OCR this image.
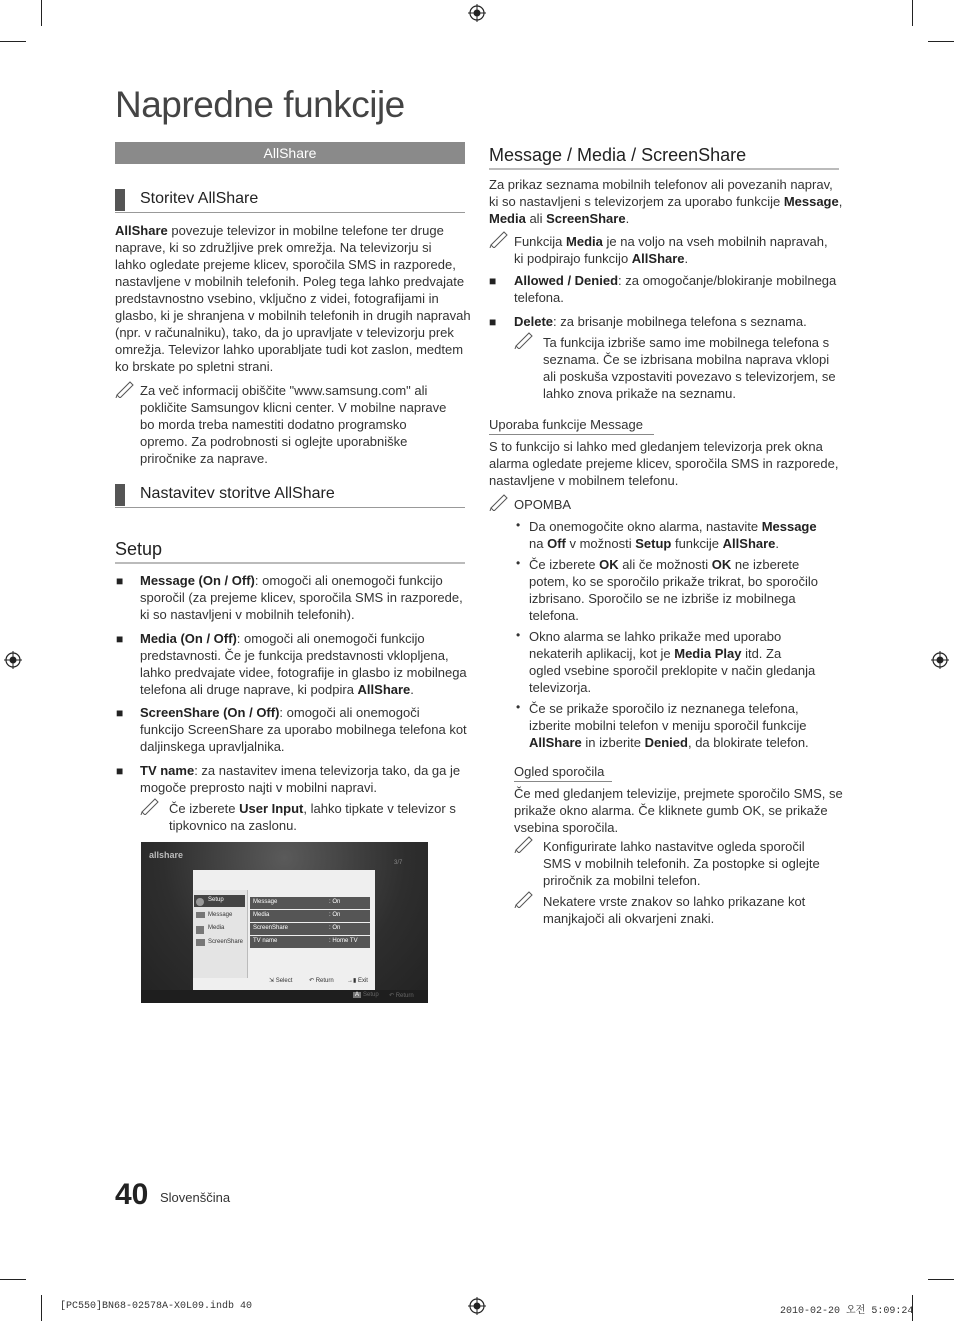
Napredne funkcije
AllShare
Storitev AllShare
AllShare povezuje televizor in mobilne telefone ter druge
naprave, ki so združljive prek omrežja. Na televizorju si
lahko ogledate prejeme klicev, sporočila SMS in razporede,
nastavljene v mobilnih telefonih. Poleg tega lahko predvajate
predstavnostno vsebino, vključno z videi, fotografijami in
glasbo, ki je shranjena v mobilnih telefonih in drugih napravah
(npr. v računalniku), tako, da jo upravljate v televizorju prek
omrežja. Televizor lahko uporabljate tudi kot zaslon, medtem
ko brskate po spletni strani.
Za več informacij obiščite "www.samsung.com" ali
pokličite Samsungov klicni center. V mobilne naprave
bo morda treba namestiti dodatno programsko
opremo. Za podrobnosti si oglejte uporabniške
priročnike za naprave.
Nastavitev storitve AllShare
Setup
■ Message (On / Off): omogoči ali onemogoči funkcijo
sporočil (za prejeme klicev, sporočila SMS in razporede,
ki so nastavljeni v mobilnih telefonih).
■ Media (On / Off): omogoči ali onemogoči funkcijo
predstavnosti. Če je funkcija predstavnosti vklopljena,
lahko predvajate videe, fotografije in glasbo iz mobilnega
telefona ali druge naprave, ki podpira AllShare.
■ ScreenShare (On / Off): omogoči ali onemogoči
funkcijo ScreenShare za uporabo mobilnega telefona kot
daljinskega upravljalnika.
■ TV name: za nastavitev imena televizorja tako, da ga je
mogoče preprosto najti v mobilni napravi.
Če izberete User Input, lahko tipkate v televizor s
tipkovnico na zaslonu.
allshare
3/7
Setup
Message
Media
ScreenShare
Message	: On
Media	: On
ScreenShare	: On
TV name	: Home TV
⇲ Select	↶ Return →▮ Exit
A Setup ↶ Return
Message / Media / ScreenShare
Za prikaz seznama mobilnih telefonov ali povezanih naprav,
ki so nastavljeni s televizorjem za uporabo funkcije Message,
Media ali ScreenShare.
Funkcija Media je na voljo na vseh mobilnih napravah,
ki podpirajo funkcijo AllShare.
■ Allowed / Denied: za omogočanje/blokiranje mobilnega
telefona.
■ Delete: za brisanje mobilnega telefona s seznama.
Ta funkcija izbriše samo ime mobilnega telefona s
seznama. Če se izbrisana mobilna naprava vklopi
ali poskuša vzpostaviti povezavo s televizorjem, se
lahko znova prikaže na seznamu.
Uporaba funkcije Message
S to funkcijo si lahko med gledanjem televizorja prek okna
alarma ogledate prejeme klicev, sporočila SMS in razporede,
nastavljene v mobilnem telefonu.
OPOMBA
• Da onemogočite okno alarma, nastavite Message
na Off v možnosti Setup funkcije AllShare.
• Če izberete OK ali če možnosti OK ne izberete
potem, ko se sporočilo prikaže trikrat, bo sporočilo
izbrisano. Sporočilo se ne izbriše iz mobilnega
telefona.
• Okno alarma se lahko prikaže med uporabo
nekaterih aplikacij, kot je Media Play itd. Za
ogled vsebine sporočil preklopite v način gledanja
televizorja.
• Če se prikaže sporočilo iz neznanega telefona,
izberite mobilni telefon v meniju sporočil funkcije
AllShare in izberite Denied, da blokirate telefon.
Ogled sporočila
Če med gledanjem televizije, prejmete sporočilo SMS, se
prikaže okno alarma. Če kliknete gumb OK, se prikaže
vsebina sporočila.
Konfigurirate lahko nastavitve ogleda sporočil
SMS v mobilnih telefonih. Za postopke si oglejte
priročnik za mobilni telefon.
Nekatere vrste znakov so lahko prikazane kot
manjkajoči ali okvarjeni znaki.
40 Slovenščina
[PC550]BN68-02578A-X0L09.indb 40	2010-02-20 오전 5:09:24
